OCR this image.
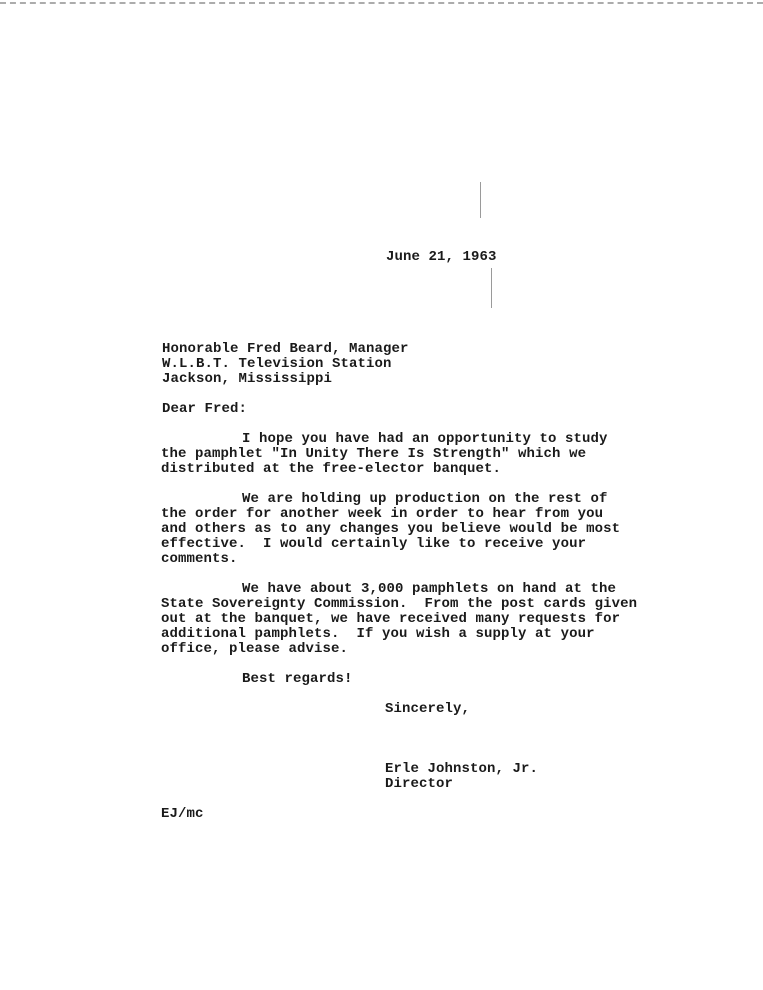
June 21, 1963
Honorable Fred Beard, Manager
W.L.B.T. Television Station
Jackson, Mississippi
Dear Fred:
I hope you have had an opportunity to study
the pamphlet "In Unity There Is Strength" which we
distributed at the free-elector banquet.
We are holding up production on the rest of
the order for another week in order to hear from you
and others as to any changes you believe would be most
effective.  I would certainly like to receive your
comments.
We have about 3,000 pamphlets on hand at the
State Sovereignty Commission.  From the post cards given
out at the banquet, we have received many requests for
additional pamphlets.  If you wish a supply at your
office, please advise.
Best regards!
Sincerely,
Erle Johnston, Jr.
Director
EJ/mc
